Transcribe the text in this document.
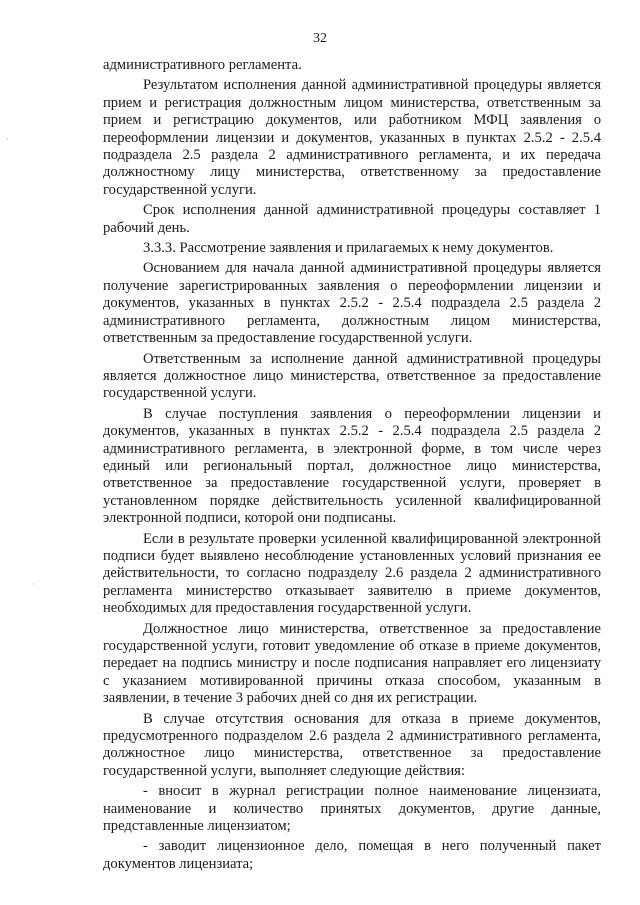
32
·
·

административного регламента.

Результатом исполнения данной административной процедуры является прием и регистрация должностным лицом министерства, ответственным за прием и регистрацию документов, или работником МФЦ заявления о переоформлении лицензии и документов, указанных в пунктах 2.5.2 - 2.5.4 подраздела 2.5 раздела 2 административного регламента, и их передача должностному лицу министерства, ответственному за предоставление государственной услуги.

Срок исполнения данной административной процедуры составляет 1 рабочий день.

3.3.3. Рассмотрение заявления и прилагаемых к нему документов.

Основанием для начала данной административной процедуры является получение зарегистрированных заявления о переоформлении лицензии и документов, указанных в пунктах 2.5.2 - 2.5.4 подраздела 2.5 раздела 2 административного регламента, должностным лицом министерства, ответственным за предоставление государственной услуги.

Ответственным за исполнение данной административной процедуры является должностное лицо министерства, ответственное за предоставление государственной услуги.

В случае поступления заявления о переоформлении лицензии и документов, указанных в пунктах 2.5.2 - 2.5.4 подраздела 2.5 раздела 2 административного регламента, в электронной форме, в том числе через единый или региональный портал, должностное лицо министерства, ответственное за предоставление государственной услуги, проверяет в установленном порядке действительность усиленной квалифицированной электронной подписи, которой они подписаны.

Если в результате проверки усиленной квалифицированной электронной подписи будет выявлено несоблюдение установленных условий признания ее действительности, то согласно подразделу 2.6 раздела 2 административного регламента министерство отказывает заявителю в приеме документов, необходимых для предоставления государственной услуги.

Должностное лицо министерства, ответственное за предоставление государственной услуги, готовит уведомление об отказе в приеме документов, передает на подпись министру и после подписания направляет его лицензиату с указанием мотивированной причины отказа способом, указанным в заявлении, в течение 3 рабочих дней со дня их регистрации.

В случае отсутствия основания для отказа в приеме документов, предусмотренного подразделом 2.6 раздела 2 административного регламента, должностное лицо министерства, ответственное за предоставление государственной услуги, выполняет следующие действия:

- вносит в журнал регистрации полное наименование лицензиата, наименование и количество принятых документов, другие данные, представленные лицензиатом;

- заводит лицензионное дело, помещая в него полученный пакет документов лицензиата;
